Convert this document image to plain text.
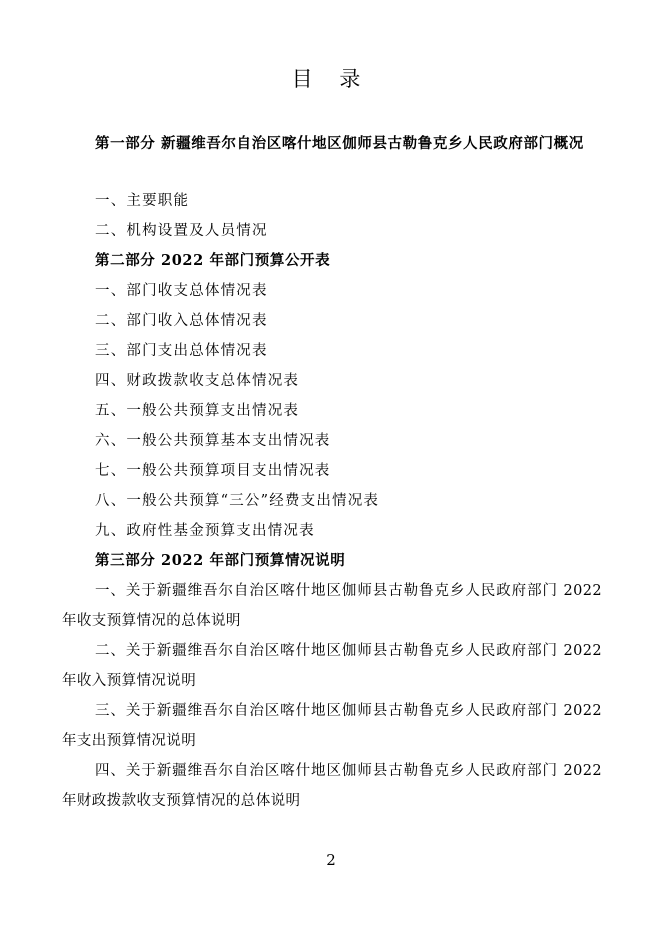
目 录
第一部分 新疆维吾尔自治区喀什地区伽师县古勒鲁克乡人民政府部门概况
一、主要职能
二、机构设置及人员情况
第二部分 2022 年部门预算公开表
一、部门收支总体情况表
二、部门收入总体情况表
三、部门支出总体情况表
四、财政拨款收支总体情况表
五、一般公共预算支出情况表
六、一般公共预算基本支出情况表
七、一般公共预算项目支出情况表
八、一般公共预算“三公”经费支出情况表
九、政府性基金预算支出情况表
第三部分 2022 年部门预算情况说明
一、关于新疆维吾尔自治区喀什地区伽师县古勒鲁克乡人民政府部门 2022 年收支预算情况的总体说明
二、关于新疆维吾尔自治区喀什地区伽师县古勒鲁克乡人民政府部门 2022 年收入预算情况说明
三、关于新疆维吾尔自治区喀什地区伽师县古勒鲁克乡人民政府部门 2022 年支出预算情况说明
四、关于新疆维吾尔自治区喀什地区伽师县古勒鲁克乡人民政府部门 2022 年财政拨款收支预算情况的总体说明
2
